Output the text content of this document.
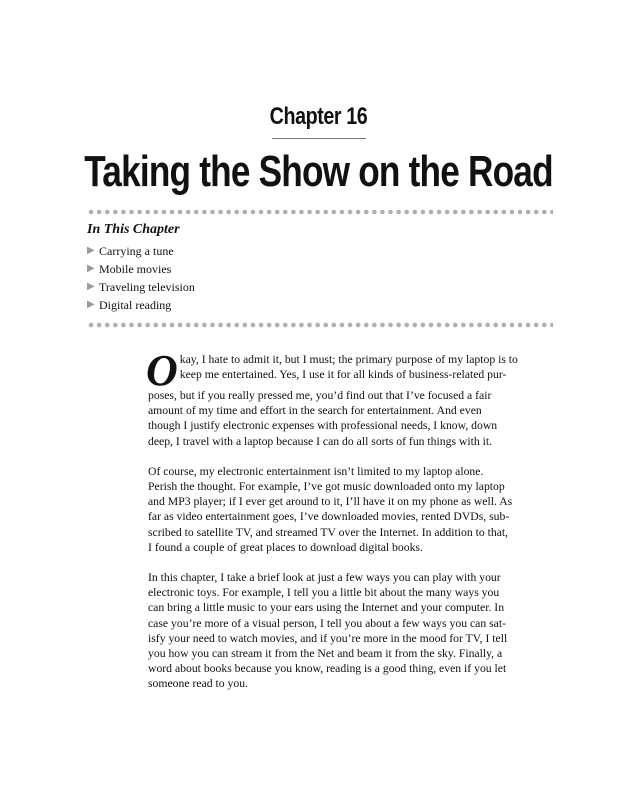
Chapter 16
Taking the Show on the Road
In This Chapter
▶ Carrying a tune
▶ Mobile movies
▶ Traveling television
▶ Digital reading
O kay, I hate to admit it, but I must; the primary purpose of my laptop is to
keep me entertained. Yes, I use it for all kinds of business-related pur-
poses, but if you really pressed me, you’d find out that I’ve focused a fair
amount of my time and effort in the search for entertainment. And even
though I justify electronic expenses with professional needs, I know, down
deep, I travel with a laptop because I can do all sorts of fun things with it.
Of course, my electronic entertainment isn’t limited to my laptop alone.
Perish the thought. For example, I’ve got music downloaded onto my laptop
and MP3 player; if I ever get around to it, I’ll have it on my phone as well. As
far as video entertainment goes, I’ve downloaded movies, rented DVDs, sub-
scribed to satellite TV, and streamed TV over the Internet. In addition to that,
I found a couple of great places to download digital books.
In this chapter, I take a brief look at just a few ways you can play with your
electronic toys. For example, I tell you a little bit about the many ways you
can bring a little music to your ears using the Internet and your computer. In
case you’re more of a visual person, I tell you about a few ways you can sat-
isfy your need to watch movies, and if you’re more in the mood for TV, I tell
you how you can stream it from the Net and beam it from the sky. Finally, a
word about books because you know, reading is a good thing, even if you let
someone read to you.
